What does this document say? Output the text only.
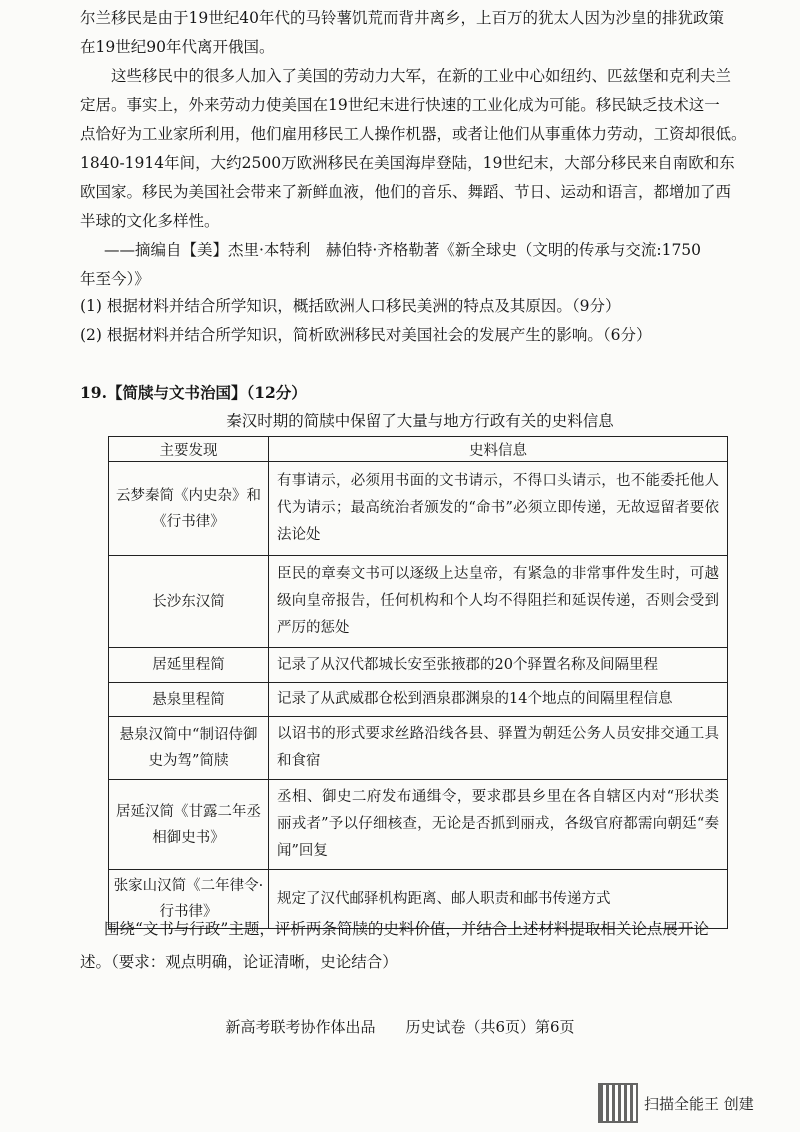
尔兰移民是由于19世纪40年代的马铃薯饥荒而背井离乡，上百万的犹太人因为沙皇的排犹政策
在19世纪90年代离开俄国。
这些移民中的很多人加入了美国的劳动力大军，在新的工业中心如纽约、匹兹堡和克利夫兰
定居。事实上，外来劳动力使美国在19世纪末进行快速的工业化成为可能。移民缺乏技术这一
点恰好为工业家所利用，他们雇用移民工人操作机器，或者让他们从事重体力劳动，工资却很低。
1840-1914年间，大约2500万欧洲移民在美国海岸登陆，19世纪末，大部分移民来自南欧和东
欧国家。移民为美国社会带来了新鲜血液，他们的音乐、舞蹈、节日、运动和语言，都增加了西
半球的文化多样性。
——摘编自【美】杰里·本特利　赫伯特·齐格勒著《新全球史（文明的传承与交流:1750
年至今）》
(1) 根据材料并结合所学知识，概括欧洲人口移民美洲的特点及其原因。（9分）
(2) 根据材料并结合所学知识，简析欧洲移民对美国社会的发展产生的影响。（6分）
19.【简牍与文书治国】（12分）
秦汉时期的简牍中保留了大量与地方行政有关的史料信息
主要发现	史料信息
云梦秦简《内史杂》和《行书律》	有事请示，必须用书面的文书请示，不得口头请示，也不能委托他人代为请示；最高统治者颁发的“命书”必须立即传递，无故逗留者要依法论处
长沙东汉简	臣民的章奏文书可以逐级上达皇帝，有紧急的非常事件发生时，可越级向皇帝报告，任何机构和个人均不得阻拦和延误传递，否则会受到严厉的惩处
居延里程简	记录了从汉代都城长安至张掖郡的20个驿置名称及间隔里程
悬泉里程简	记录了从武威郡仓松到酒泉郡渊泉的14个地点的间隔里程信息
悬泉汉简中“制诏侍御史为驾”简牍	以诏书的形式要求丝路沿线各县、驿置为朝廷公务人员安排交通工具和食宿
居延汉简《甘露二年丞相御史书》	丞相、御史二府发布通缉令，要求郡县乡里在各自辖区内对“形状类丽戎者”予以仔细核查，无论是否抓到丽戎，各级官府都需向朝廷“奏闻”回复
张家山汉简《二年律令·行书律》	规定了汉代邮驿机构距离、邮人职责和邮书传递方式
围绕“文书与行政”主题，评析两条简牍的史料价值，并结合上述材料提取相关论点展开论
述。（要求：观点明确，论证清晰，史论结合）
新高考联考协作体出品　　历史试卷（共6页）第6页
扫描全能王 创建
